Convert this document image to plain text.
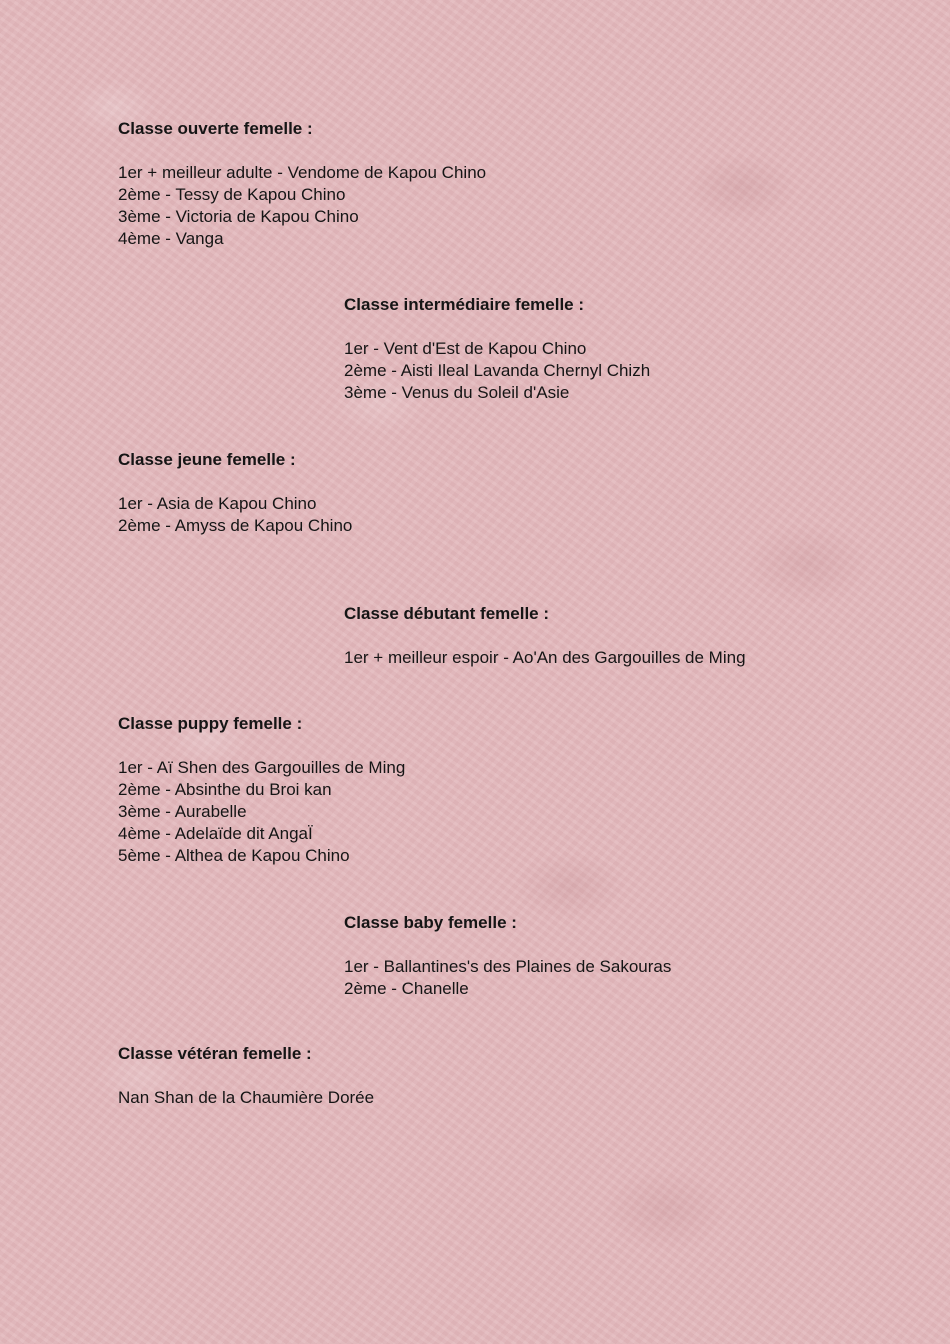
Classe ouverte femelle :

1er + meilleur adulte - Vendome de Kapou Chino

2ème - Tessy de Kapou Chino

3ème - Victoria de Kapou Chino

4ème - Vanga

Classe intermédiaire femelle :

1er - Vent d'Est de Kapou Chino

2ème - Aisti Ileal Lavanda Chernyl Chizh

3ème - Venus du Soleil d'Asie

Classe jeune femelle :

1er - Asia de Kapou Chino

2ème - Amyss de Kapou Chino

Classe débutant femelle :

1er + meilleur espoir - Ao'An des Gargouilles de Ming

Classe puppy femelle :

1er - Aï Shen des Gargouilles de Ming

2ème - Absinthe du Broi kan

3ème - Aurabelle

4ème - Adelaïde dit AngaÏ

5ème - Althea de Kapou Chino

Classe baby femelle :

1er - Ballantines's des Plaines de Sakouras

2ème - Chanelle

Classe vétéran femelle :

Nan Shan de la Chaumière Dorée
